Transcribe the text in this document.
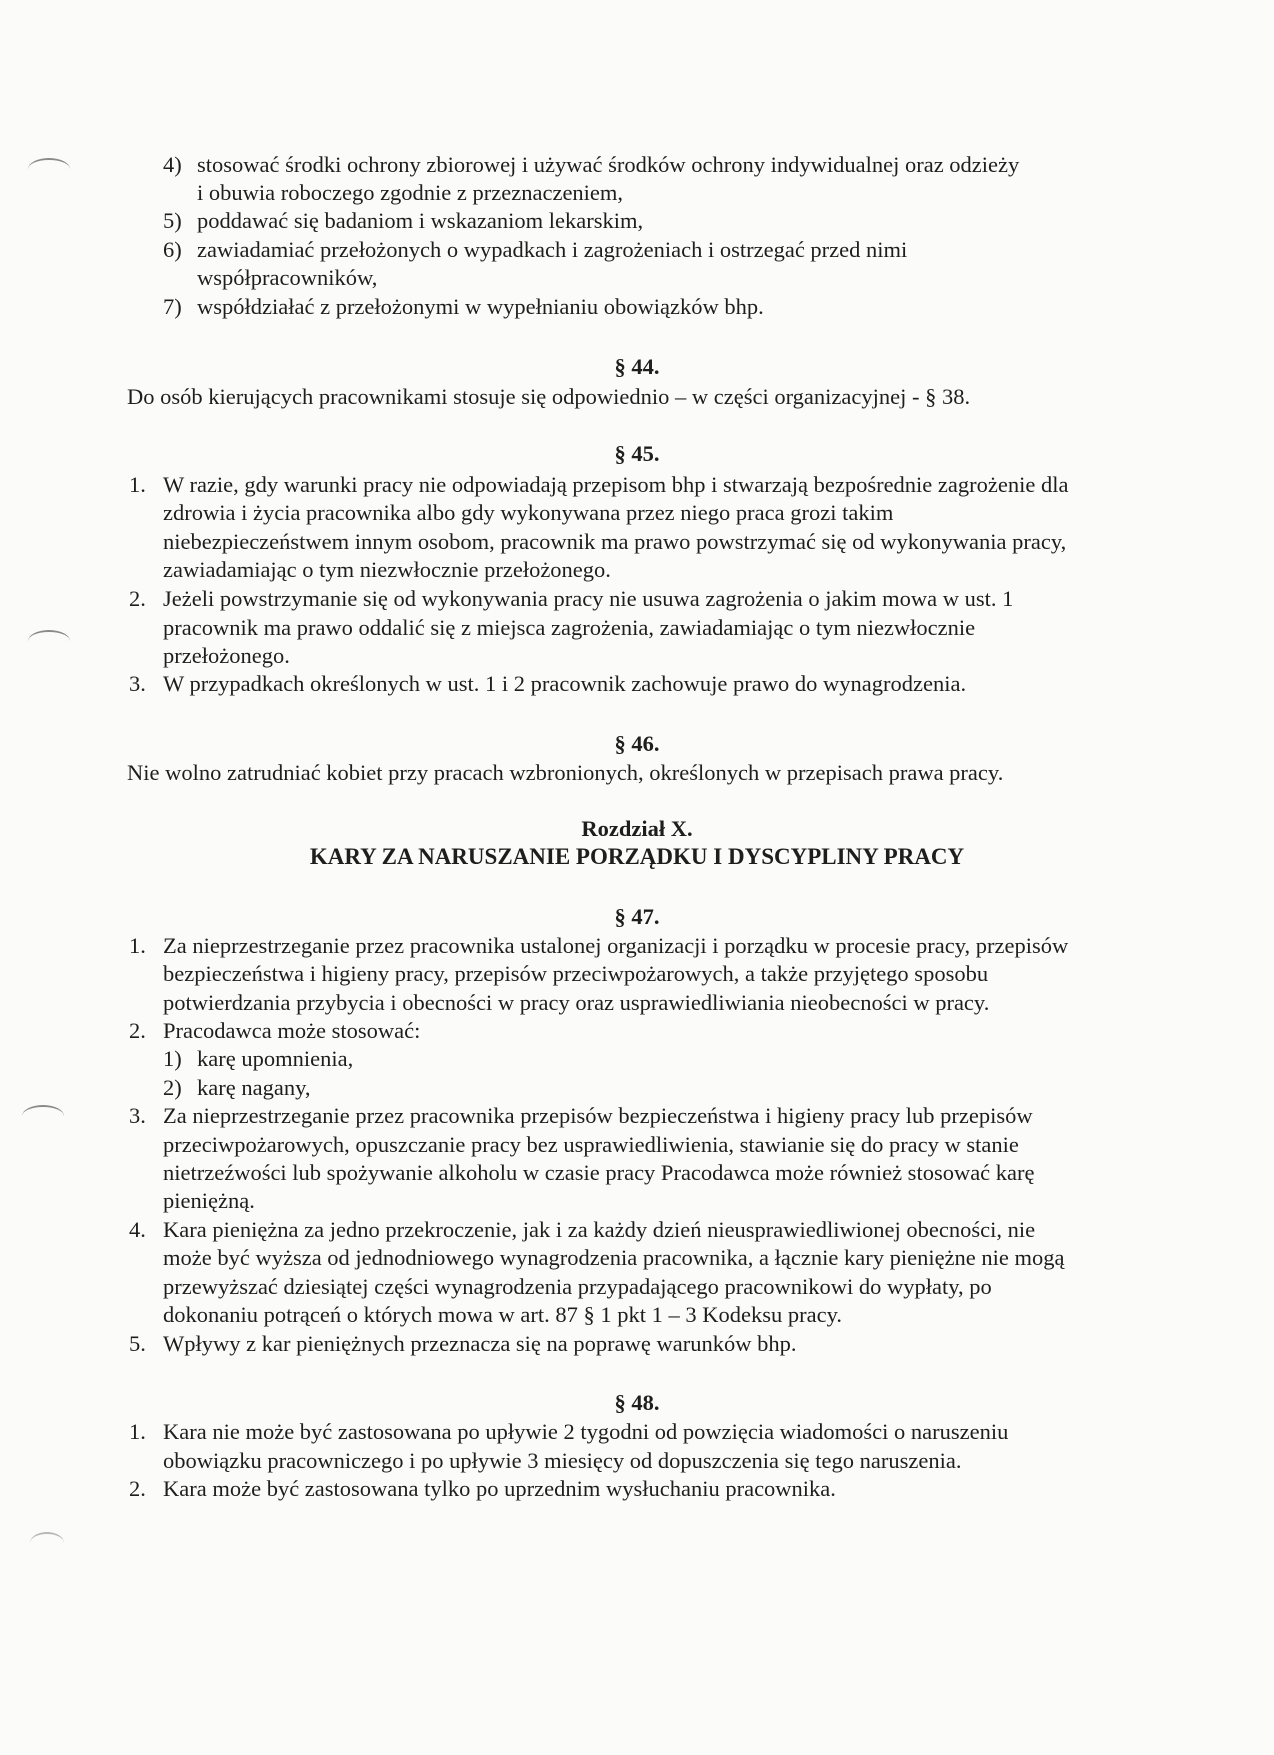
4) stosować środki ochrony zbiorowej i używać środków ochrony indywidualnej oraz odzieży
i obuwia roboczego zgodnie z przeznaczeniem,
5) poddawać się badaniom i wskazaniom lekarskim,
6) zawiadamiać przełożonych o wypadkach i zagrożeniach i ostrzegać przed nimi
współpracowników,
7) współdziałać z przełożonymi w wypełnianiu obowiązków bhp.
§ 44.
Do osób kierujących pracownikami stosuje się odpowiednio – w części organizacyjnej - § 38.
§ 45.
1. W razie, gdy warunki pracy nie odpowiadają przepisom bhp i stwarzają bezpośrednie zagrożenie dla
zdrowia i życia pracownika albo gdy wykonywana przez niego praca grozi takim
niebezpieczeństwem innym osobom, pracownik ma prawo powstrzymać się od wykonywania pracy,
zawiadamiając o tym niezwłocznie przełożonego.
2. Jeżeli powstrzymanie się od wykonywania pracy nie usuwa zagrożenia o jakim mowa w ust. 1
pracownik ma prawo oddalić się z miejsca zagrożenia, zawiadamiając o tym niezwłocznie
przełożonego.
3. W przypadkach określonych w ust. 1 i 2 pracownik zachowuje prawo do wynagrodzenia.
§ 46.
Nie wolno zatrudniać kobiet przy pracach wzbronionych, określonych w przepisach prawa pracy.
Rozdział X.
KARY ZA NARUSZANIE PORZĄDKU I DYSCYPLINY PRACY
§ 47.
1. Za nieprzestrzeganie przez pracownika ustalonej organizacji i porządku w procesie pracy, przepisów
bezpieczeństwa i higieny pracy, przepisów przeciwpożarowych, a także przyjętego sposobu
potwierdzania przybycia i obecności w pracy oraz usprawiedliwiania nieobecności w pracy.
2. Pracodawca może stosować:
1) karę upomnienia,
2) karę nagany,
3. Za nieprzestrzeganie przez pracownika przepisów bezpieczeństwa i higieny pracy lub przepisów
przeciwpożarowych, opuszczanie pracy bez usprawiedliwienia, stawianie się do pracy w stanie
nietrzeźwości lub spożywanie alkoholu w czasie pracy Pracodawca może również stosować karę
pieniężną.
4. Kara pieniężna za jedno przekroczenie, jak i za każdy dzień nieusprawiedliwionej obecności, nie
może być wyższa od jednodniowego wynagrodzenia pracownika, a łącznie kary pieniężne nie mogą
przewyższać dziesiątej części wynagrodzenia przypadającego pracownikowi do wypłaty, po
dokonaniu potrąceń o których mowa w art. 87 § 1 pkt 1 – 3 Kodeksu pracy.
5. Wpływy z kar pieniężnych przeznacza się na poprawę warunków bhp.
§ 48.
1. Kara nie może być zastosowana po upływie 2 tygodni od powzięcia wiadomości o naruszeniu
obowiązku pracowniczego i po upływie 3 miesięcy od dopuszczenia się tego naruszenia.
2. Kara może być zastosowana tylko po uprzednim wysłuchaniu pracownika.
